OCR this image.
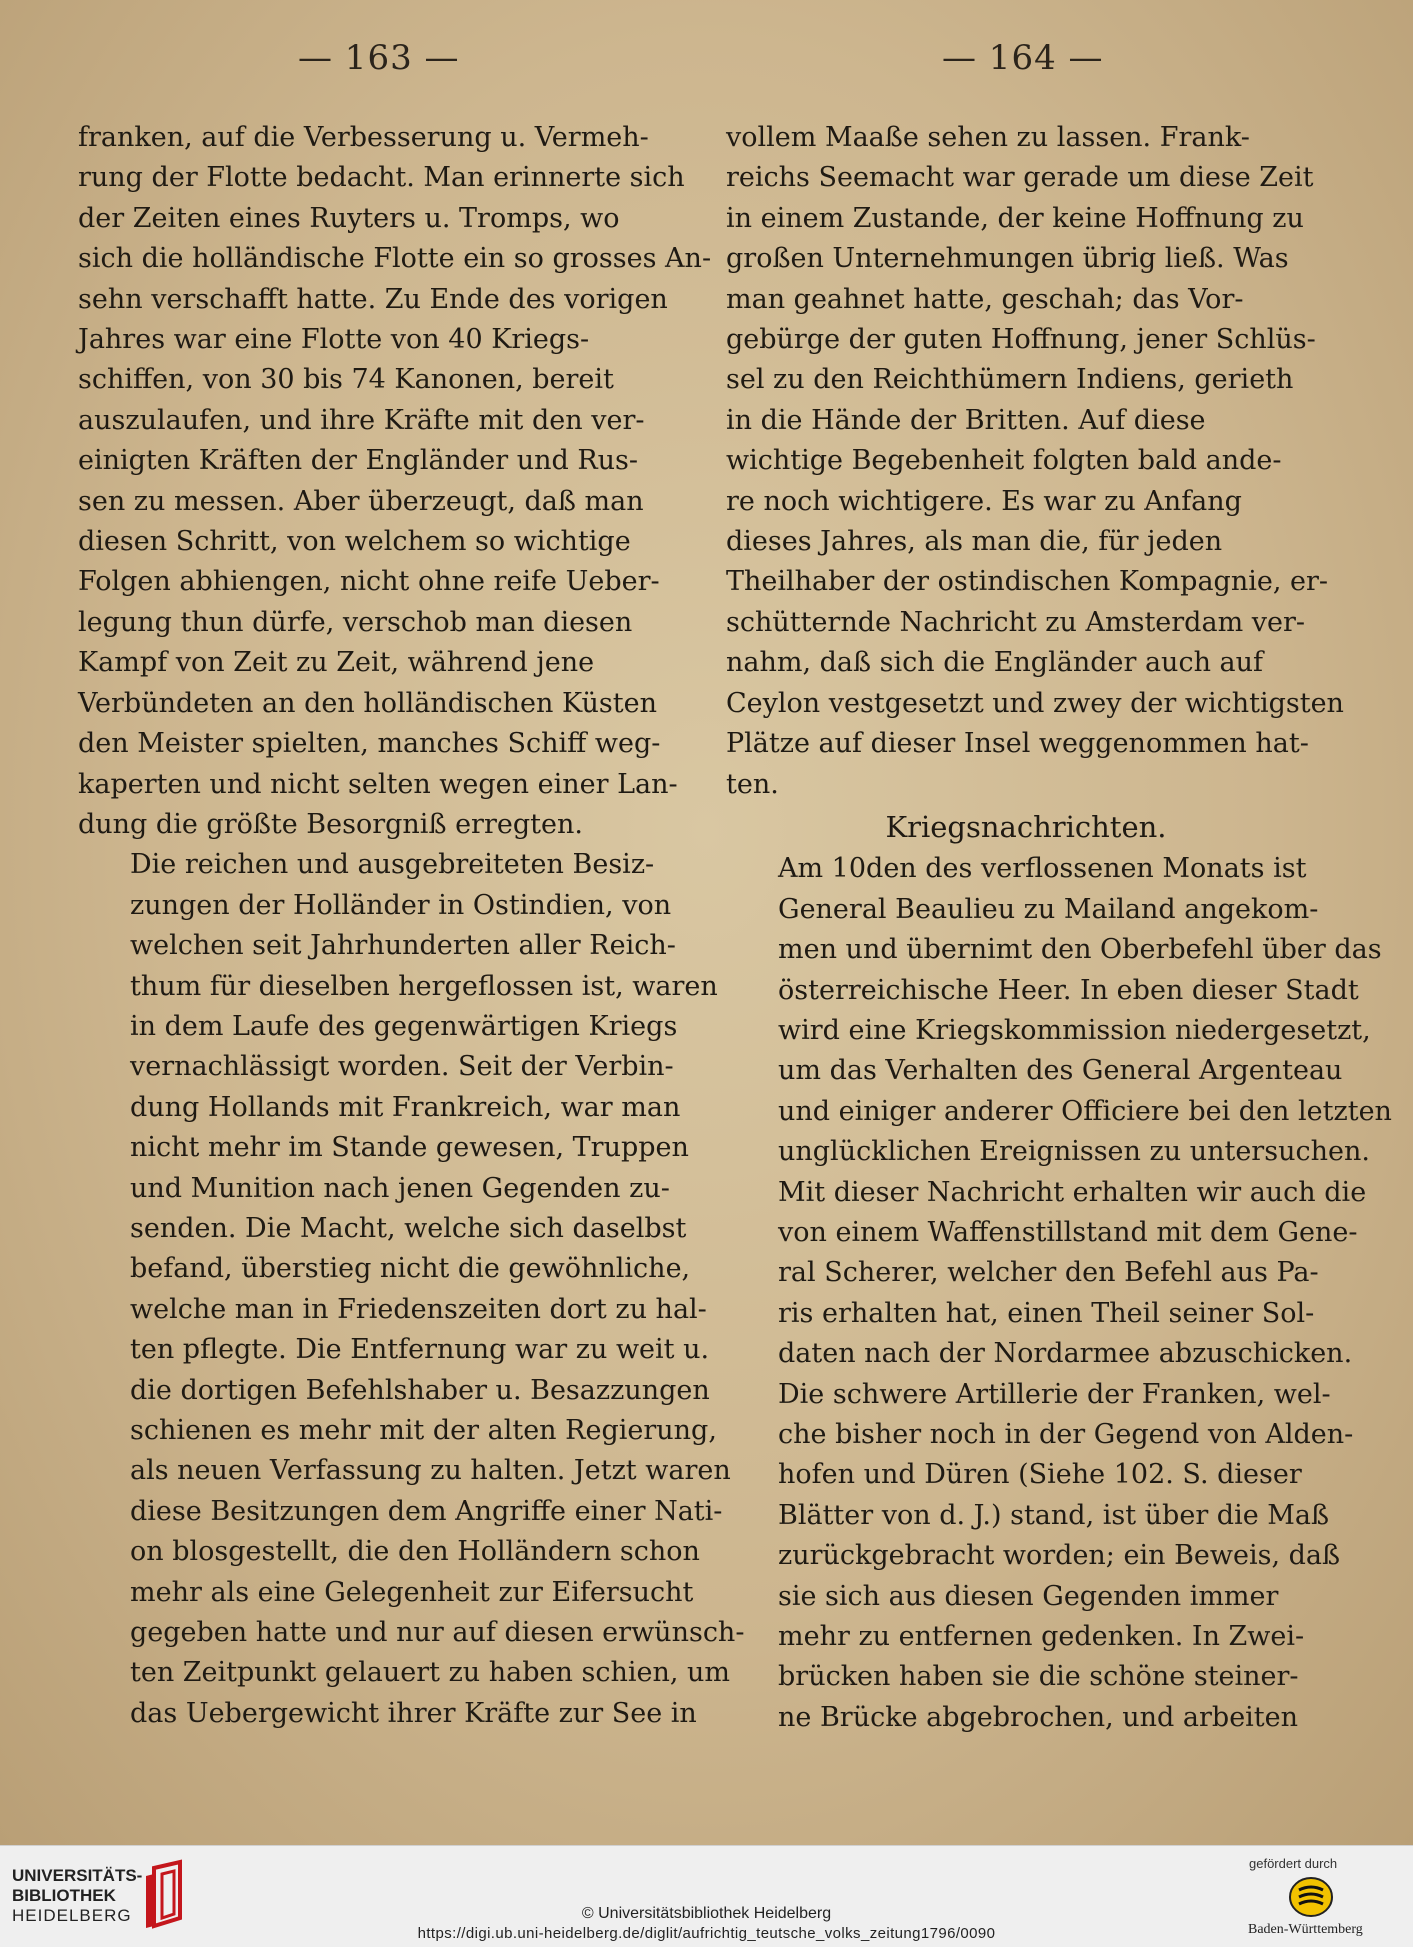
— 163 —	— 164 —
franken, auf die Verbesserung u. Vermeh-
rung der Flotte bedacht. Man erinnerte sich
der Zeiten eines Ruyters u. Tromps, wo
sich die holländische Flotte ein so grosses An-
sehn verschafft hatte. Zu Ende des vorigen
Jahres war eine Flotte von 40 Kriegs-
schiffen, von 30 bis 74 Kanonen, bereit
auszulaufen, und ihre Kräfte mit den ver-
einigten Kräften der Engländer und Rus-
sen zu messen. Aber überzeugt, daß man
diesen Schritt, von welchem so wichtige
Folgen abhiengen, nicht ohne reife Ueber-
legung thun dürfe, verschob man diesen
Kampf von Zeit zu Zeit, während jene
Verbündeten an den holländischen Küsten
den Meister spielten, manches Schiff weg-
kaperten und nicht selten wegen einer Lan-
dung die größte Besorgniß erregten.
Die reichen und ausgebreiteten Besiz-
zungen der Holländer in Ostindien, von
welchen seit Jahrhunderten aller Reich-
thum für dieselben hergeflossen ist, waren
in dem Laufe des gegenwärtigen Kriegs
vernachlässigt worden. Seit der Verbin-
dung Hollands mit Frankreich, war man
nicht mehr im Stande gewesen, Truppen
und Munition nach jenen Gegenden zu-
senden. Die Macht, welche sich daselbst
befand, überstieg nicht die gewöhnliche,
welche man in Friedenszeiten dort zu hal-
ten pflegte. Die Entfernung war zu weit u.
die dortigen Befehlshaber u. Besazzungen
schienen es mehr mit der alten Regierung,
als neuen Verfassung zu halten. Jetzt waren
diese Besitzungen dem Angriffe einer Nati-
on blosgestellt, die den Holländern schon
mehr als eine Gelegenheit zur Eifersucht
gegeben hatte und nur auf diesen erwünsch-
ten Zeitpunkt gelauert zu haben schien, um
das Uebergewicht ihrer Kräfte zur See in
vollem Maaße sehen zu lassen. Frank-
reichs Seemacht war gerade um diese Zeit
in einem Zustande, der keine Hoffnung zu
großen Unternehmungen übrig ließ. Was
man geahnet hatte, geschah; das Vor-
gebürge der guten Hoffnung, jener Schlüs-
sel zu den Reichthümern Indiens, gerieth
in die Hände der Britten. Auf diese
wichtige Begebenheit folgten bald ande-
re noch wichtigere. Es war zu Anfang
dieses Jahres, als man die, für jeden
Theilhaber der ostindischen Kompagnie, er-
schütternde Nachricht zu Amsterdam ver-
nahm, daß sich die Engländer auch auf
Ceylon vestgesetzt und zwey der wichtigsten
Plätze auf dieser Insel weggenommen hat-
ten.
Kriegsnachrichten.
Am 10den des verflossenen Monats ist
General Beaulieu zu Mailand angekom-
men und übernimt den Oberbefehl über das
österreichische Heer. In eben dieser Stadt
wird eine Kriegskommission niedergesetzt,
um das Verhalten des General Argenteau
und einiger anderer Officiere bei den letzten
unglücklichen Ereignissen zu untersuchen.
Mit dieser Nachricht erhalten wir auch die
von einem Waffenstillstand mit dem Gene-
ral Scherer, welcher den Befehl aus Pa-
ris erhalten hat, einen Theil seiner Sol-
daten nach der Nordarmee abzuschicken.
Die schwere Artillerie der Franken, wel-
che bisher noch in der Gegend von Alden-
hofen und Düren (Siehe 102. S. dieser
Blätter von d. J.) stand, ist über die Maß
zurückgebracht worden; ein Beweis, daß
sie sich aus diesen Gegenden immer
mehr zu entfernen gedenken. In Zwei-
brücken haben sie die schöne steiner-
ne Brücke abgebrochen, und arbeiten
UNIVERSITÄTS-
BIBLIOTHEK
HEIDELBERG	© Universitätsbibliothek Heidelberg
https://digi.ub.uni-heidelberg.de/diglit/aufrichtig_teutsche_volks_zeitung1796/0090
gefördert durch
Baden-Württemberg
